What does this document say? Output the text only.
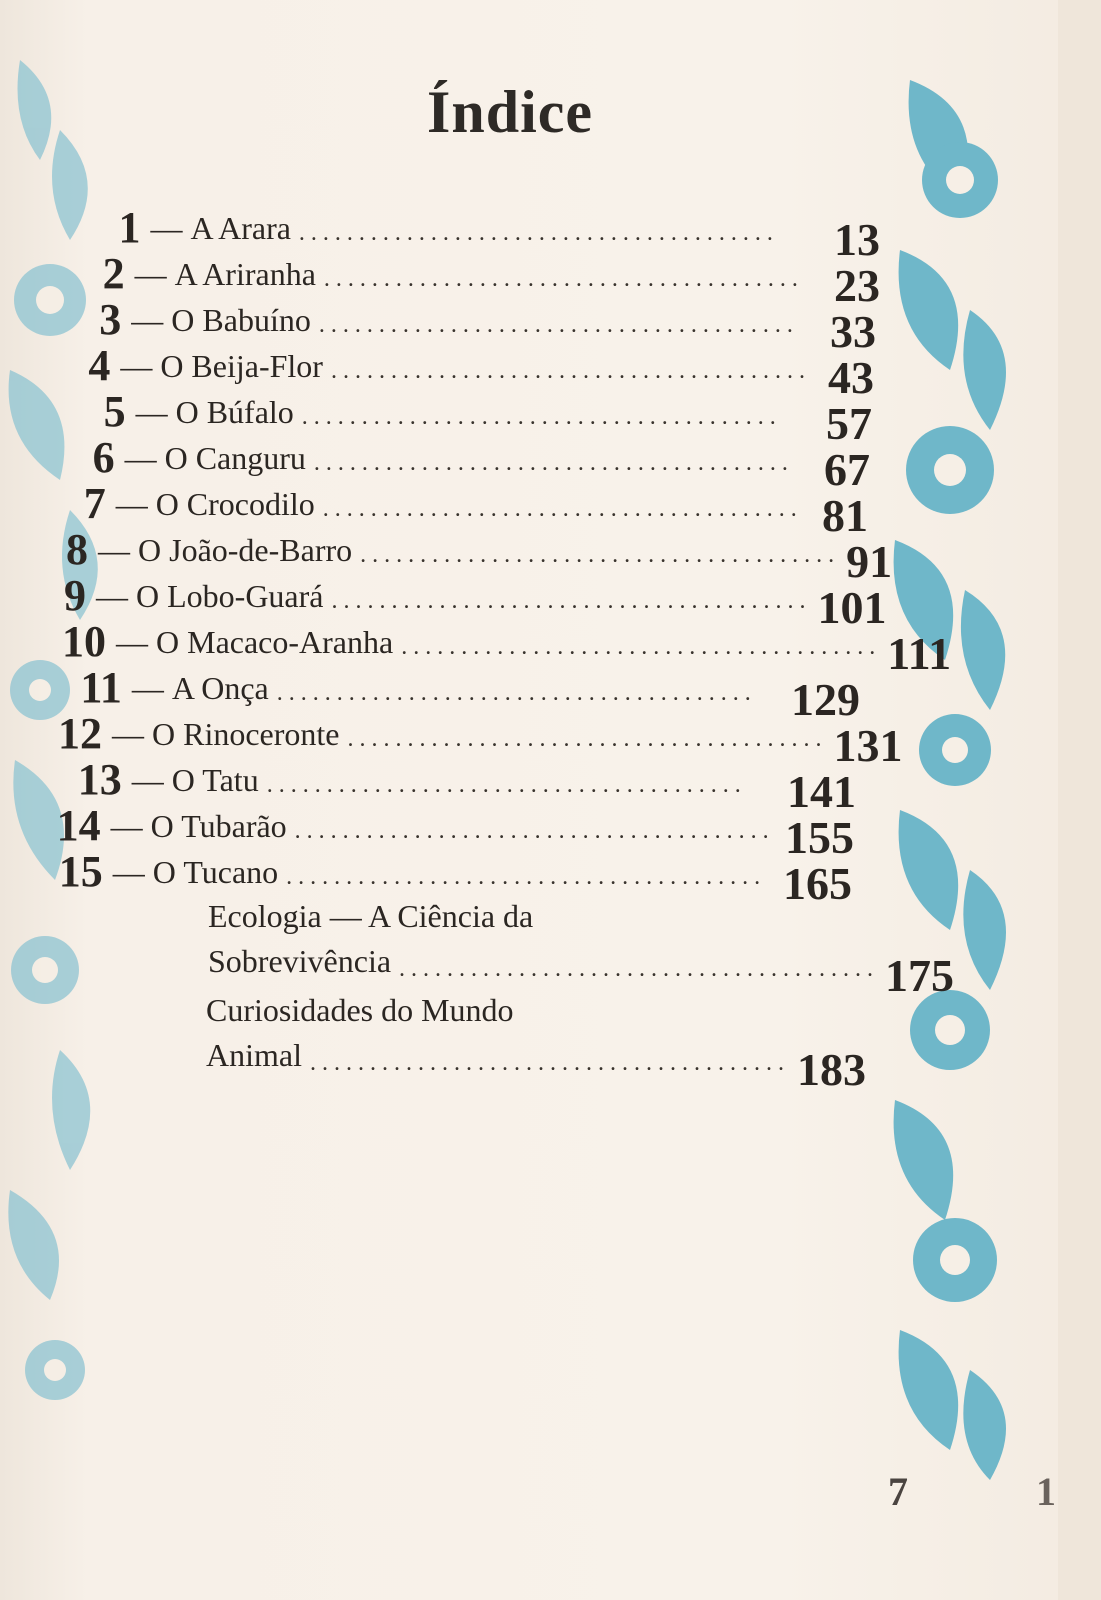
Índice
1 — A Arara ........................................	13
2 — A Ariranha ........................................ 23
3 — O Babuíno ........................................ 33
4 — O Beija-Flor ........................................ 43
5 — O Búfalo ........................................ 57
6 — O Canguru ........................................ 67
7 — O Crocodilo ........................................ 81
8 — O João-de-Barro ........................................ 91
9 — O Lobo-Guará ........................................ 101
10 — O Macaco-Aranha ........................................ 111
11 — A Onça ........................................ 129
12 — O Rinoceronte ........................................ 131
13 — O Tatu ........................................ 141
14 — O Tubarão ........................................ 155
15 — O Tucano ........................................ 165
Ecologia — A Ciência da
Sobrevivência ........................................ 175
Curiosidades do Mundo
Animal ........................................ 183
7	1
